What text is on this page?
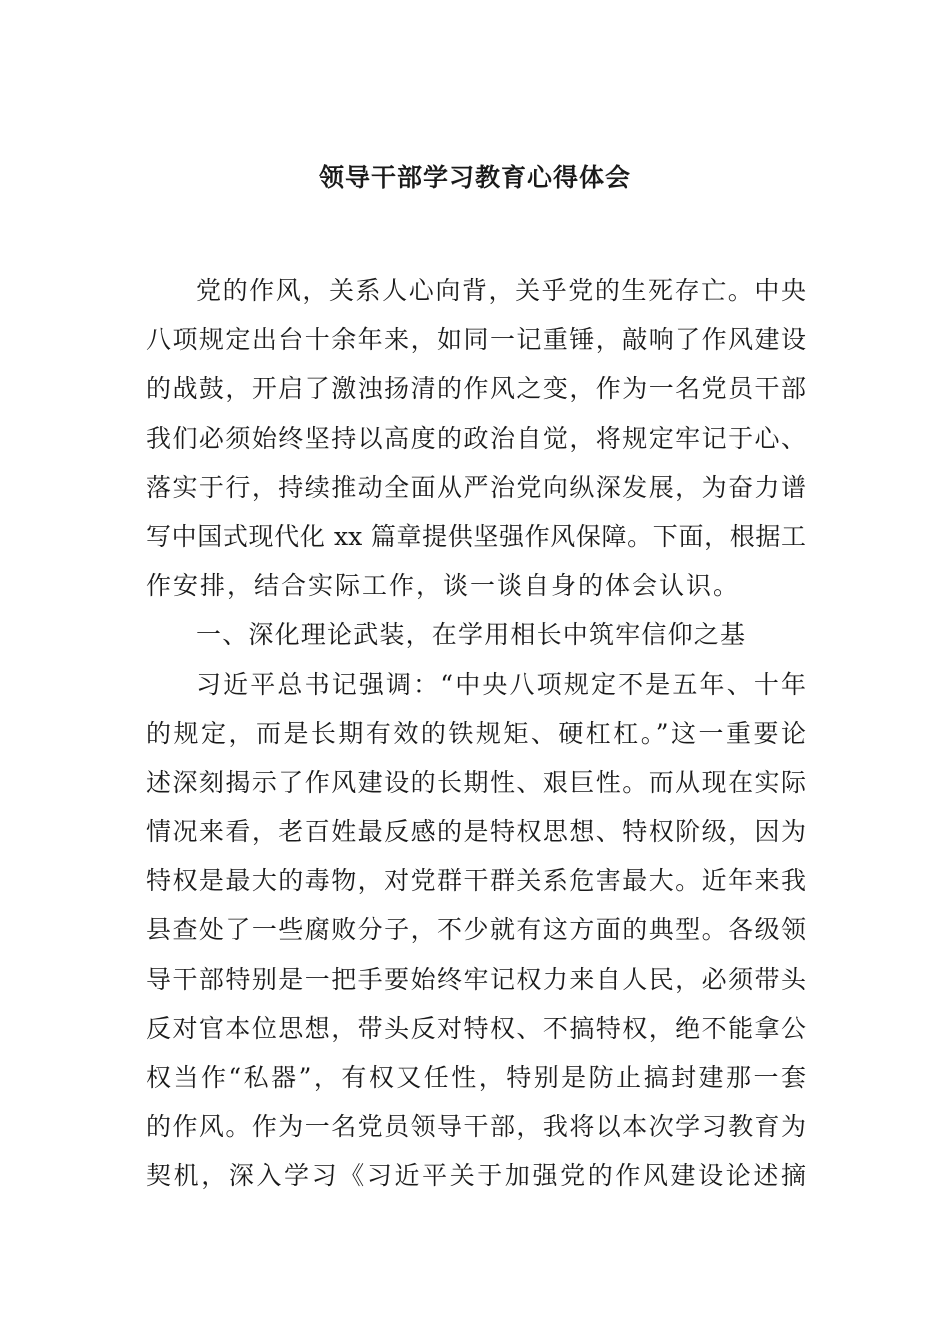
领导干部学习教育心得体会
党的作风，关系人心向背，关乎党的生死存亡。中央
八项规定出台十余年来，如同一记重锤，敲响了作风建设
的战鼓，开启了激浊扬清的作风之变，作为一名党员干部
我们必须始终坚持以高度的政治自觉，将规定牢记于心、
落实于行，持续推动全面从严治党向纵深发展，为奋力谱
写中国式现代化 xx 篇章提供坚强作风保障。下面，根据工
作安排，结合实际工作，谈一谈自身的体会认识。
一、深化理论武装，在学用相长中筑牢信仰之基
习近平总书记强调：“中央八项规定不是五年、十年
的规定，而是长期有效的铁规矩、硬杠杠。”这一重要论
述深刻揭示了作风建设的长期性、艰巨性。而从现在实际
情况来看，老百姓最反感的是特权思想、特权阶级，因为
特权是最大的毒物，对党群干群关系危害最大。近年来我
县查处了一些腐败分子，不少就有这方面的典型。各级领
导干部特别是一把手要始终牢记权力来自人民，必须带头
反对官本位思想，带头反对特权、不搞特权，绝不能拿公
权当作“私器”，有权又任性，特别是防止搞封建那一套
的作风。作为一名党员领导干部，我将以本次学习教育为
契机，深入学习《习近平关于加强党的作风建设论述摘
